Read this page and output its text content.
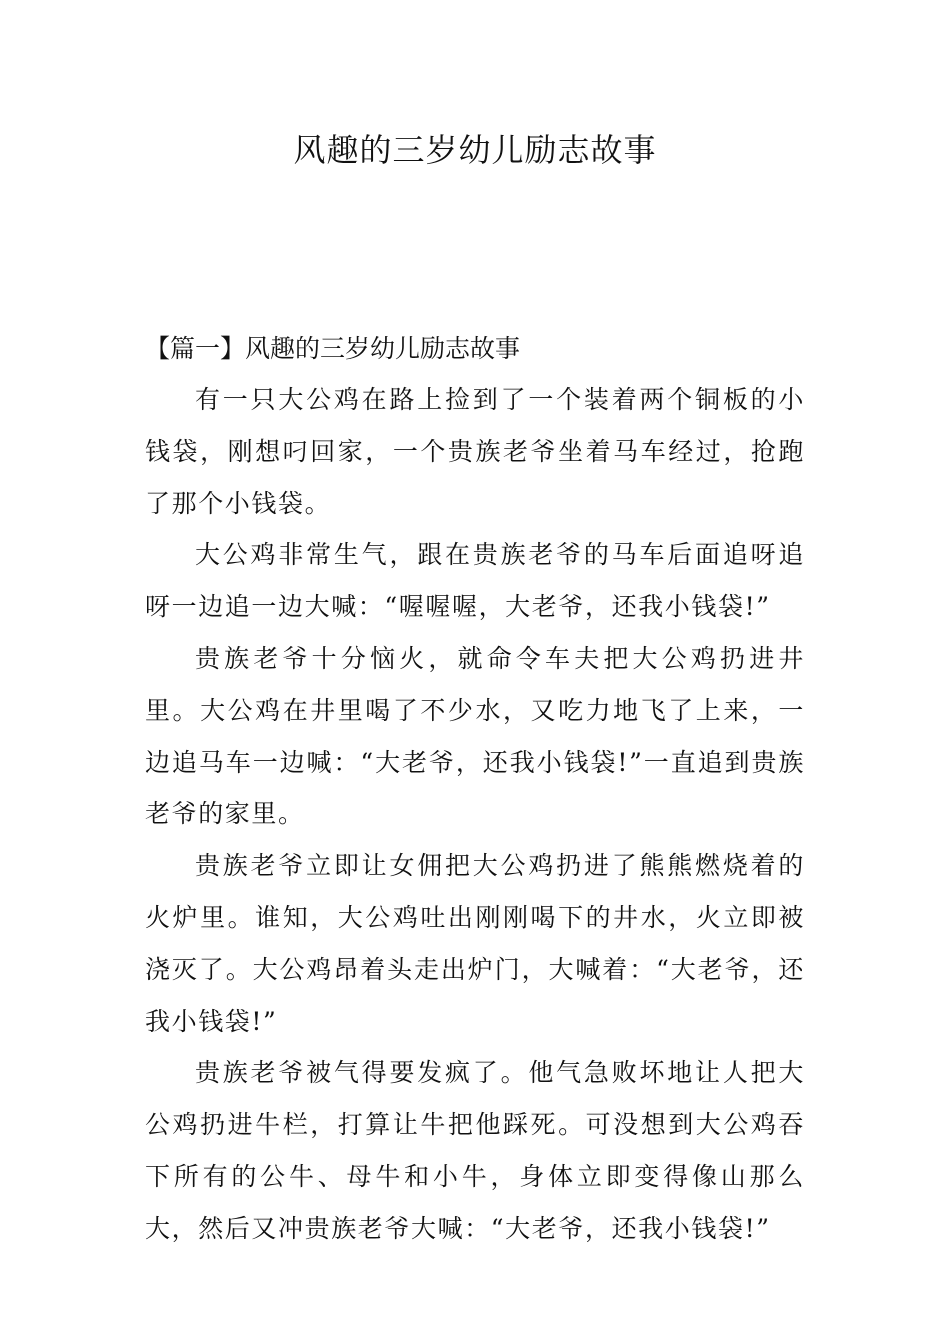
风趣的三岁幼儿励志故事

【篇一】风趣的三岁幼儿励志故事

有一只大公鸡在路上捡到了一个装着两个铜板的小钱袋，刚想叼回家，一个贵族老爷坐着马车经过，抢跑了那个小钱袋。

大公鸡非常生气，跟在贵族老爷的马车后面追呀追呀一边追一边大喊：“喔喔喔，大老爷，还我小钱袋!”

贵族老爷十分恼火，就命令车夫把大公鸡扔进井里。大公鸡在井里喝了不少水，又吃力地飞了上来，一边追马车一边喊：“大老爷，还我小钱袋!”一直追到贵族老爷的家里。

贵族老爷立即让女佣把大公鸡扔进了熊熊燃烧着的火炉里。谁知，大公鸡吐出刚刚喝下的井水，火立即被浇灭了。大公鸡昂着头走出炉门，大喊着：“大老爷，还我小钱袋!”

贵族老爷被气得要发疯了。他气急败坏地让人把大公鸡扔进牛栏，打算让牛把他踩死。可没想到大公鸡吞下所有的公牛、母牛和小牛，身体立即变得像山那么大，然后又冲贵族老爷大喊：“大老爷，还我小钱袋!”
